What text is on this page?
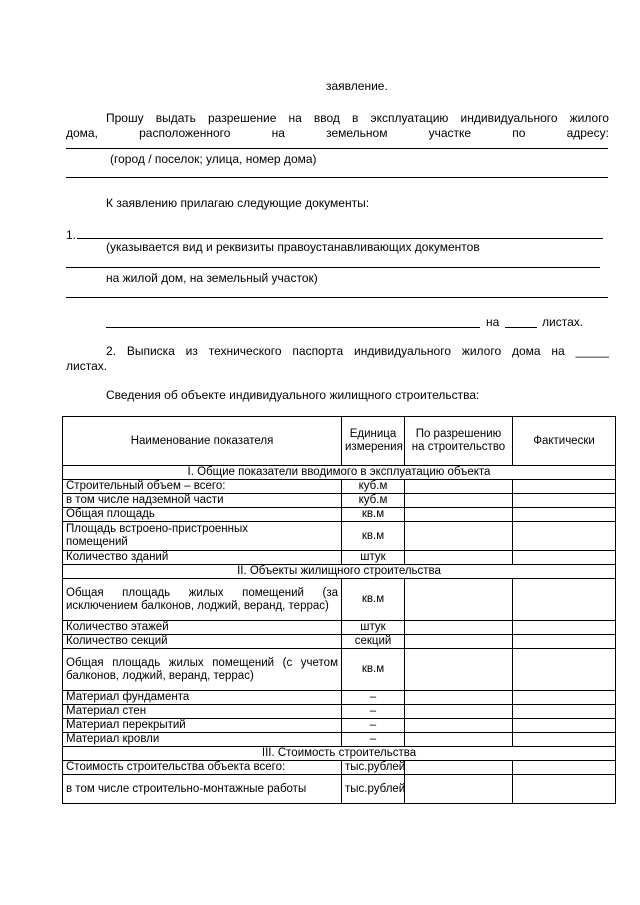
заявление.
Прошу выдать разрешение на ввод в эксплуатацию индивидуального жилого
дома,	расположенного	на	земельном	участке	по	адресу:
(город / поселок; улица, номер дома)
К заявлению прилагаю следующие документы:
1.
(указывается вид и реквизиты правоустанавливающих документов
на жилой дом, на земельный участок)
на	листах.
2. Выписка из технического паспорта индивидуального жилого дома на _____
листах.
Сведения об объекте индивидуального жилищного строительства:
Наименование показателя	Единица измерения	По разрешению на строительство	Фактически
I. Общие показатели вводимого в эксплуатацию объекта			
Строительный объем – всего:	куб.м		
в том числе надземной части	куб.м		
Общая площадь	кв.м		
Площадь встроено-пристроенных помещений	кв.м		
Количество зданий	штук		
II. Объекты жилищного строительства			
Общая площадь жилых помещений (за исключением балконов, лоджий, веранд, террас)	кв.м		
Количество этажей	штук		
Количество секций	секций		
Общая площадь жилых помещений (с учетом балконов, лоджий, веранд, террас)	кв.м		
Материал фундамента	–		
Материал стен	–		
Материал перекрытий	–		
Материал кровли	–		
III. Стоимость строительства			
Стоимость строительства объекта всего:	тыс.рублей		
в том числе строительно-монтажные работы	тыс.рублей		
